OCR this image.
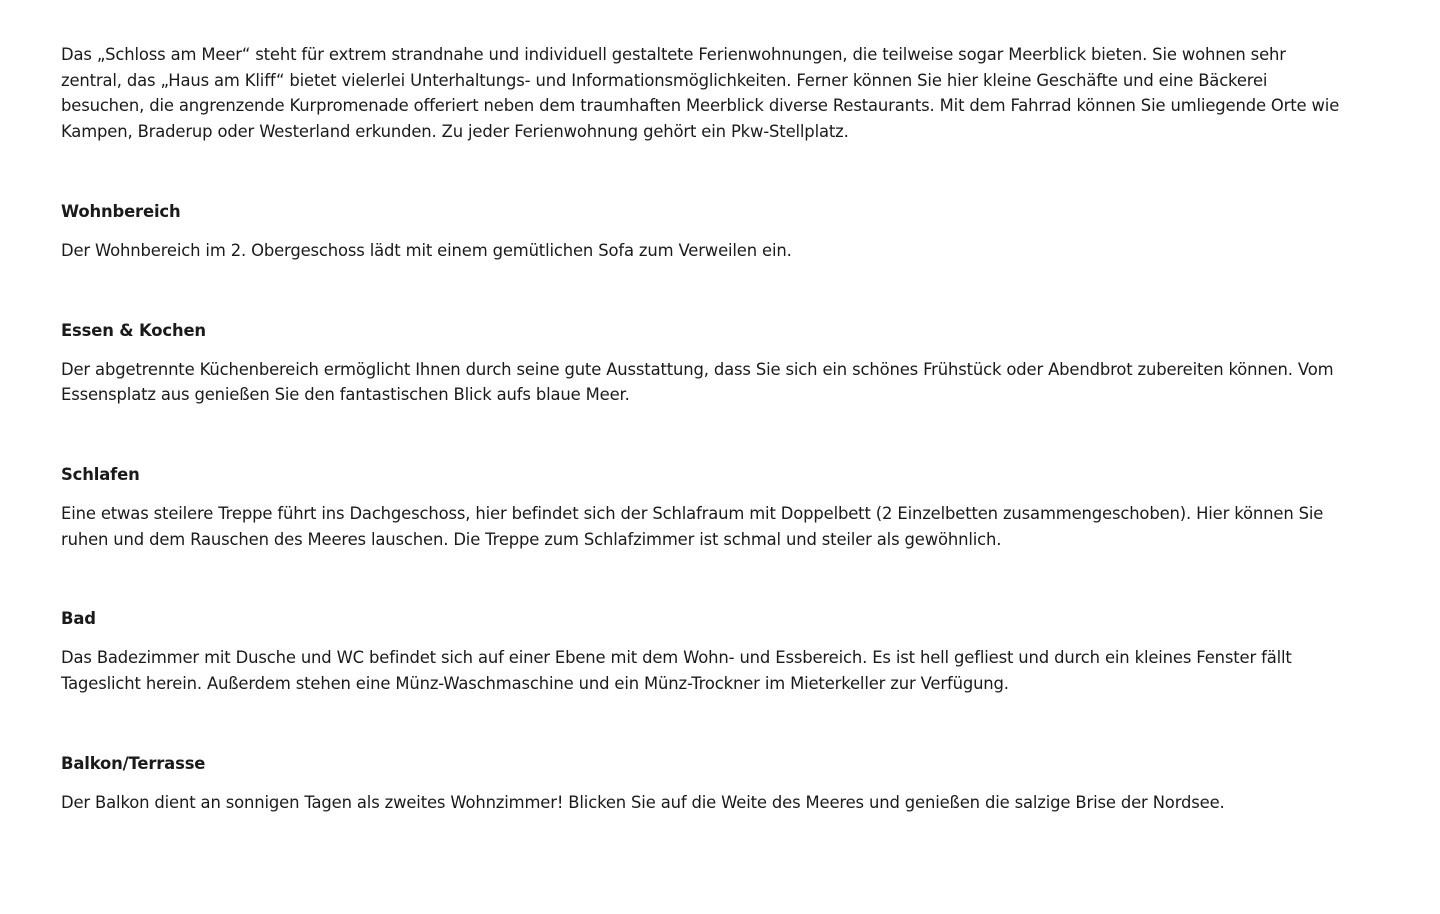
Das „Schloss am Meer“ steht für extrem strandnahe und individuell gestaltete Ferienwohnungen, die teilweise sogar Meerblick bieten. Sie wohnen sehr zentral, das „Haus am Kliff“ bietet vielerlei Unterhaltungs- und Informationsmöglichkeiten. Ferner können Sie hier kleine Geschäfte und eine Bäckerei besuchen, die angrenzende Kurpromenade offeriert neben dem traumhaften Meerblick diverse Restaurants. Mit dem Fahrrad können Sie umliegende Orte wie Kampen, Braderup oder Westerland erkunden. Zu jeder Ferienwohnung gehört ein Pkw-Stellplatz.

Wohnbereich

Der Wohnbereich im 2. Obergeschoss lädt mit einem gemütlichen Sofa zum Verweilen ein.

Essen & Kochen

Der abgetrennte Küchenbereich ermöglicht Ihnen durch seine gute Ausstattung, dass Sie sich ein schönes Frühstück oder Abendbrot zubereiten können. Vom Essensplatz aus genießen Sie den fantastischen Blick aufs blaue Meer.

Schlafen

Eine etwas steilere Treppe führt ins Dachgeschoss, hier befindet sich der Schlafraum mit Doppelbett (2 Einzelbetten zusammengeschoben). Hier können Sie ruhen und dem Rauschen des Meeres lauschen. Die Treppe zum Schlafzimmer ist schmal und steiler als gewöhnlich.

Bad

Das Badezimmer mit Dusche und WC befindet sich auf einer Ebene mit dem Wohn- und Essbereich. Es ist hell gefliest und durch ein kleines Fenster fällt Tageslicht herein. Außerdem stehen eine Münz-Waschmaschine und ein Münz-Trockner im Mieterkeller zur Verfügung.

Balkon/Terrasse

Der Balkon dient an sonnigen Tagen als zweites Wohnzimmer! Blicken Sie auf die Weite des Meeres und genießen die salzige Brise der Nordsee.
